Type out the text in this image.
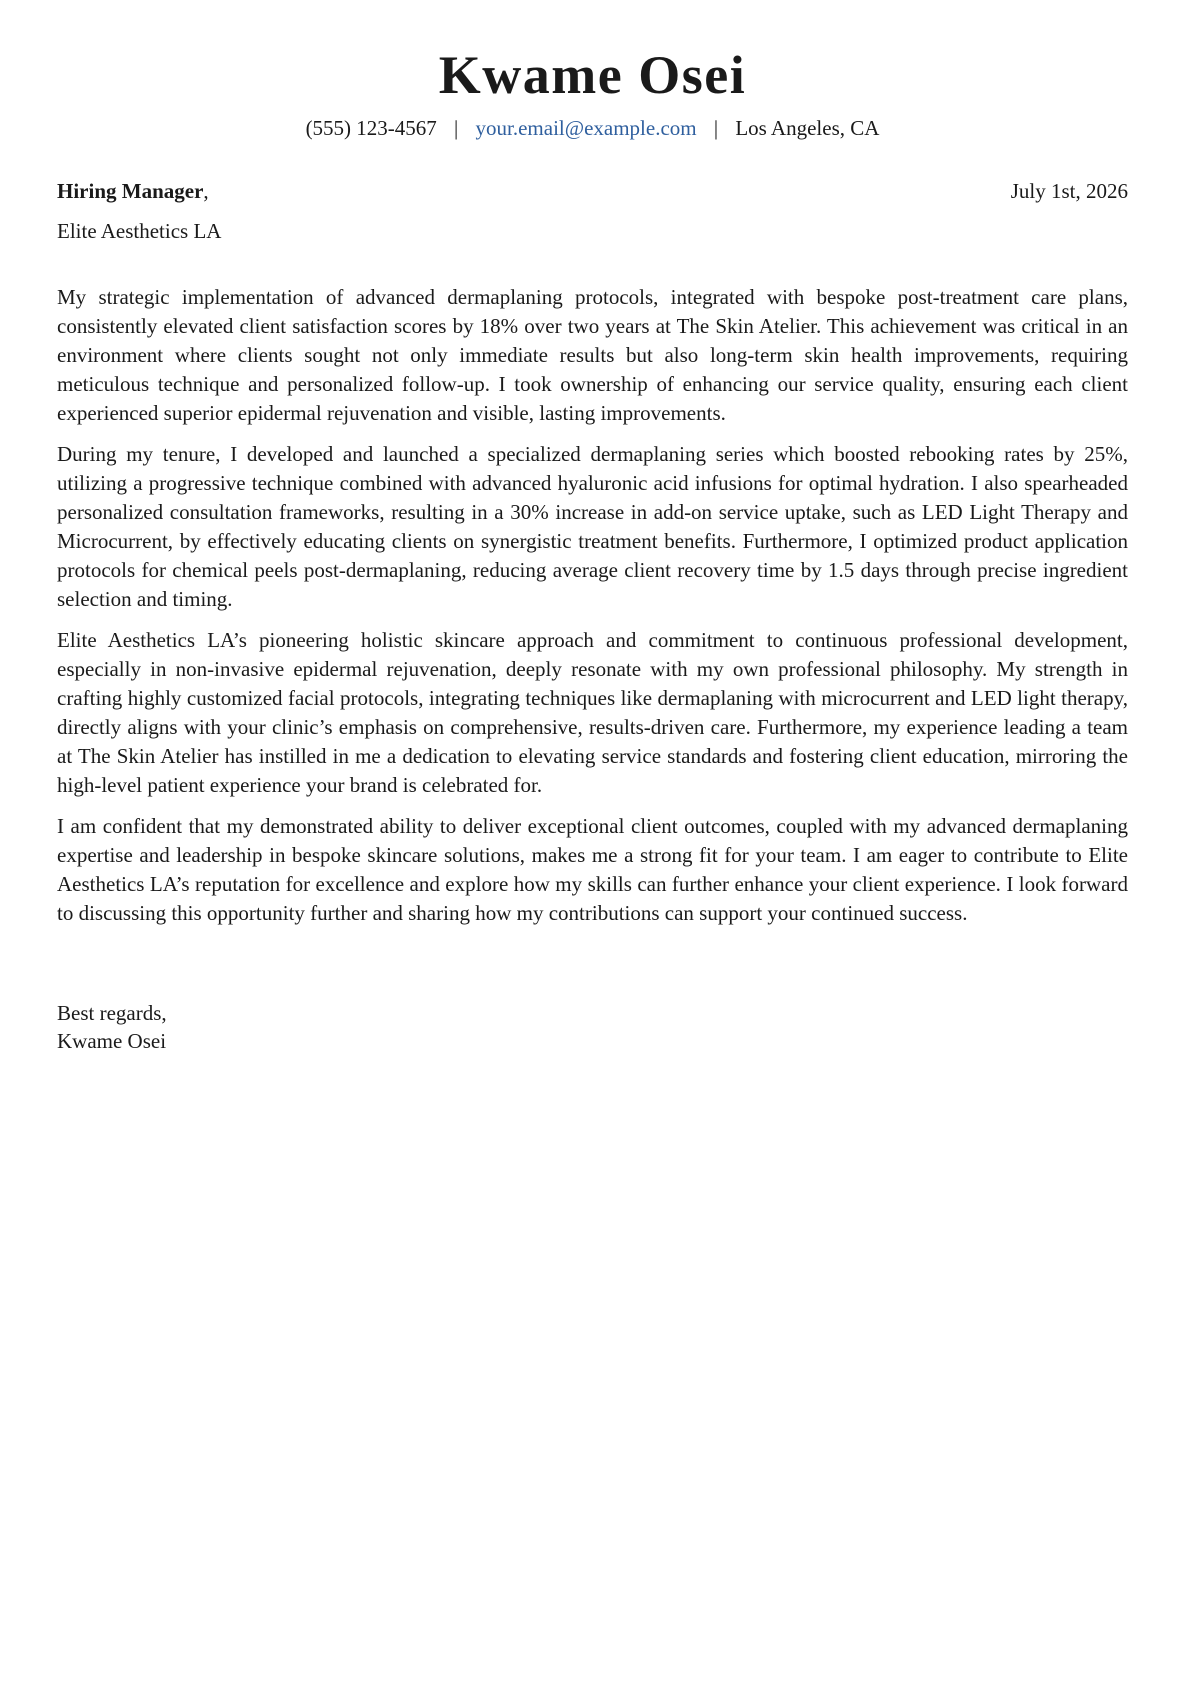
Kwame Osei
(555) 123-4567 | your.email@example.com | Los Angeles, CA
Hiring Manager,	July 1st, 2026
Elite Aesthetics LA

My strategic implementation of advanced dermaplaning protocols, integrated with bespoke post-treatment care plans, consistently elevated client satisfaction scores by 18% over two years at The Skin Atelier. This achievement was critical in an environment where clients sought not only immediate results but also long-term skin health improvements, requiring meticulous technique and personalized follow-up. I took ownership of enhancing our service quality, ensuring each client experienced superior epidermal rejuvenation and visible, lasting improvements.

During my tenure, I developed and launched a specialized dermaplaning series which boosted rebooking rates by 25%, utilizing a progressive technique combined with advanced hyaluronic acid infusions for optimal hydration. I also spearheaded personalized consultation frameworks, resulting in a 30% increase in add-on service uptake, such as LED Light Therapy and Microcurrent, by effectively educating clients on synergistic treatment benefits. Furthermore, I optimized product application protocols for chemical peels post-dermaplaning, reducing average client recovery time by 1.5 days through precise ingredient selection and timing.

Elite Aesthetics LA’s pioneering holistic skincare approach and commitment to continuous professional development, especially in non-invasive epidermal rejuvenation, deeply resonate with my own professional philosophy. My strength in crafting highly customized facial protocols, integrating techniques like dermaplaning with microcurrent and LED light therapy, directly aligns with your clinic’s emphasis on comprehensive, results-driven care. Furthermore, my experience leading a team at The Skin Atelier has instilled in me a dedication to elevating service standards and fostering client education, mirroring the high-level patient experience your brand is celebrated for.

I am confident that my demonstrated ability to deliver exceptional client outcomes, coupled with my advanced dermaplaning expertise and leadership in bespoke skincare solutions, makes me a strong fit for your team. I am eager to contribute to Elite Aesthetics LA’s reputation for excellence and explore how my skills can further enhance your client experience. I look forward to discussing this opportunity further and sharing how my contributions can support your continued success.

Best regards,
Kwame Osei
